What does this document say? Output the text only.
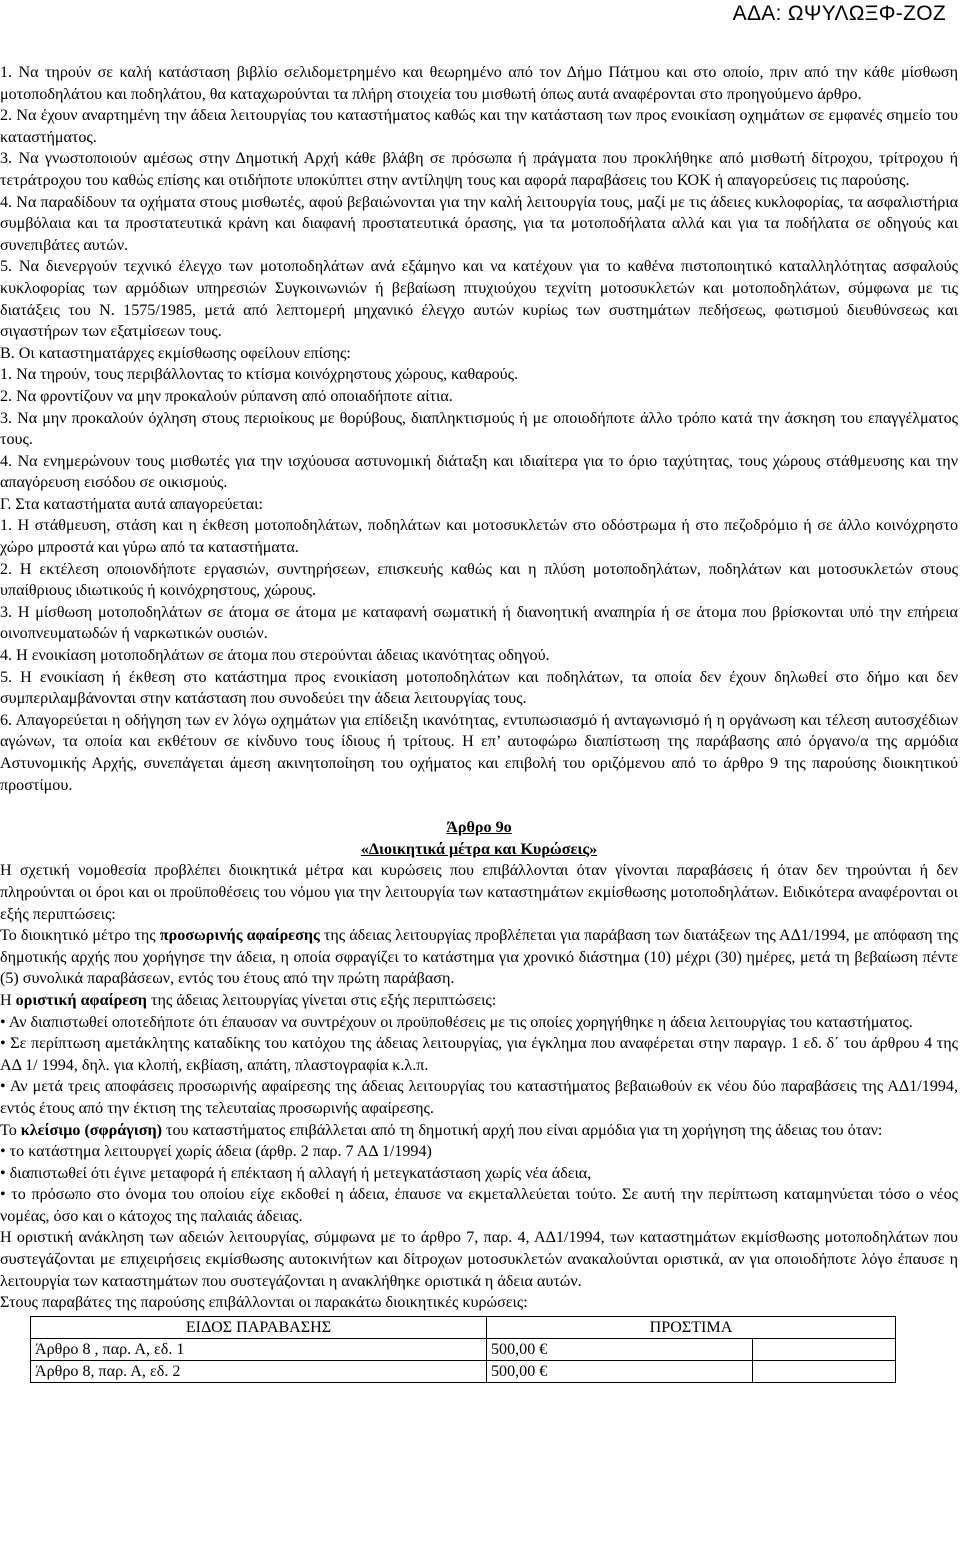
ΑΔΑ: ΩΨΥΛΩΞΦ-ΖΟΖ

1. Να τηρούν σε καλή κατάσταση βιβλίο σελιδομετρημένο και θεωρημένο από τον Δήμο Πάτμου και στο οποίο, πριν από την κάθε μίσθωση μοτοποδηλάτου και ποδηλάτου, θα καταχωρούνται τα πλήρη στοιχεία του μισθωτή όπως αυτά αναφέρονται στο προηγούμενο άρθρο.

2. Να έχουν αναρτημένη την άδεια λειτουργίας του καταστήματος καθώς και την κατάσταση των προς ενοικίαση οχημάτων σε εμφανές σημείο του καταστήματος.

3. Να γνωστοποιούν αμέσως στην Δημοτική Αρχή κάθε βλάβη σε πρόσωπα ή πράγματα που προκλήθηκε από μισθωτή δίτροχου, τρίτροχου ή τετράτροχου του καθώς επίσης και οτιδήποτε υποκύπτει στην αντίληψη τους και αφορά παραβάσεις του ΚΟΚ ή απαγορεύσεις τις παρούσης.

4. Να παραδίδουν τα οχήματα στους μισθωτές, αφού βεβαιώνονται για την καλή λειτουργία τους, μαζί με τις άδειες κυκλοφορίας, τα ασφαλιστήρια συμβόλαια και τα προστατευτικά κράνη και διαφανή προστατευτικά όρασης, για τα μοτοποδήλατα αλλά και για τα ποδήλατα σε οδηγούς και συνεπιβάτες αυτών.

5. Να διενεργούν τεχνικό έλεγχο των μοτοποδηλάτων ανά εξάμηνο και να κατέχουν για το καθένα πιστοποιητικό καταλληλότητας ασφαλούς κυκλοφορίας των αρμόδιων υπηρεσιών Συγκοινωνιών ή βεβαίωση πτυχιούχου τεχνίτη μοτοσυκλετών και μοτοποδηλάτων, σύμφωνα με τις διατάξεις του Ν. 1575/1985, μετά από λεπτομερή μηχανικό έλεγχο αυτών κυρίως των συστημάτων πεδήσεως, φωτισμού διευθύνσεως και σιγαστήρων των εξατμίσεων τους.

Β. Οι καταστηματάρχες εκμίσθωσης οφείλουν επίσης:

1. Να τηρούν, τους περιβάλλοντας το κτίσμα κοινόχρηστους χώρους, καθαρούς.

2. Να φροντίζουν να μην προκαλούν ρύπανση από οποιαδήποτε αίτια.

3. Να μην προκαλούν όχληση στους περιοίκους με θορύβους, διαπληκτισμούς ή με οποιοδήποτε άλλο τρόπο κατά την άσκηση του επαγγέλματος τους.

4. Να ενημερώνουν τους μισθωτές για την ισχύουσα αστυνομική διάταξη και ιδιαίτερα για το όριο ταχύτητας, τους χώρους στάθμευσης και την απαγόρευση εισόδου σε οικισμούς.

Γ. Στα καταστήματα αυτά απαγορεύεται:

1. Η στάθμευση, στάση και η έκθεση μοτοποδηλάτων, ποδηλάτων και μοτοσυκλετών στο οδόστρωμα ή στο πεζοδρόμιο ή σε άλλο κοινόχρηστο χώρο μπροστά και γύρω από τα καταστήματα.

2. Η εκτέλεση οποιονδήποτε εργασιών, συντηρήσεων, επισκευής καθώς και η πλύση μοτοποδηλάτων, ποδηλάτων και μοτοσυκλετών στους υπαίθριους ιδιωτικούς ή κοινόχρηστους, χώρους.

3. Η μίσθωση μοτοποδηλάτων σε άτομα σε άτομα με καταφανή σωματική ή διανοητική αναπηρία ή σε άτομα που βρίσκονται υπό την επήρεια οινοπνευματωδών ή ναρκωτικών ουσιών.

4. Η ενοικίαση μοτοποδηλάτων σε άτομα που στερούνται άδειας ικανότητας οδηγού.

5. Η ενοικίαση ή έκθεση στο κατάστημα προς ενοικίαση μοτοποδηλάτων και ποδηλάτων, τα οποία δεν έχουν δηλωθεί στο δήμο και δεν συμπεριλαμβάνονται στην κατάσταση που συνοδεύει την άδεια λειτουργίας τους.

6. Απαγορεύεται η οδήγηση των εν λόγω οχημάτων για επίδειξη ικανότητας, εντυπωσιασμό ή ανταγωνισμό ή η οργάνωση και τέλεση αυτοσχέδιων αγώνων, τα οποία και εκθέτουν σε κίνδυνο τους ίδιους ή τρίτους. Η επ’ αυτοφώρω διαπίστωση της παράβασης από όργανο/α της αρμόδια Αστυνομικής Αρχής, συνεπάγεται άμεση ακινητοποίηση του οχήματος και επιβολή του οριζόμενου από το άρθρο 9 της παρούσης διοικητικού προστίμου.

Άρθρο 9ο

«Διοικητικά μέτρα και Κυρώσεις»

Η σχετική νομοθεσία προβλέπει διοικητικά μέτρα και κυρώσεις που επιβάλλονται όταν γίνονται παραβάσεις ή όταν δεν τηρούνται ή δεν πληρούνται οι όροι και οι προϋποθέσεις του νόμου για την λειτουργία των καταστημάτων εκμίσθωσης μοτοποδηλάτων. Ειδικότερα αναφέρονται οι εξής περιπτώσεις:

Το διοικητικό μέτρο της προσωρινής αφαίρεσης της άδειας λειτουργίας προβλέπεται για παράβαση των διατάξεων της ΑΔ1/1994, με απόφαση της δημοτικής αρχής που χορήγησε την άδεια, η οποία σφραγίζει το κατάστημα για χρονικό διάστημα (10) μέχρι (30) ημέρες, μετά τη βεβαίωση πέντε (5) συνολικά παραβάσεων, εντός του έτους από την πρώτη παράβαση.

Η οριστική αφαίρεση της άδειας λειτουργίας γίνεται στις εξής περιπτώσεις:

• Αν διαπιστωθεί οποτεδήποτε ότι έπαυσαν να συντρέχουν οι προϋποθέσεις με τις οποίες χορηγήθηκε η άδεια λειτουργίας του καταστήματος.

• Σε περίπτωση αμετάκλητης καταδίκης του κατόχου της άδειας λειτουργίας, για έγκλημα που αναφέρεται στην παραγρ. 1 εδ. δ΄ του άρθρου 4 της ΑΔ 1/ 1994, δηλ. για κλοπή, εκβίαση, απάτη, πλαστογραφία κ.λ.π.

• Αν μετά τρεις αποφάσεις προσωρινής αφαίρεσης της άδειας λειτουργίας του καταστήματος βεβαιωθούν εκ νέου δύο παραβάσεις της ΑΔ1/1994, εντός έτους από την έκτιση της τελευταίας προσωρινής αφαίρεσης.

Το κλείσιμο (σφράγιση) του καταστήματος επιβάλλεται από τη δημοτική αρχή που είναι αρμόδια για τη χορήγηση της άδειας του όταν:

• το κατάστημα λειτουργεί χωρίς άδεια (άρθρ. 2 παρ. 7 ΑΔ 1/1994)

• διαπιστωθεί ότι έγινε μεταφορά ή επέκταση ή αλλαγή ή μετεγκατάσταση χωρίς νέα άδεια,

• το πρόσωπο στο όνομα του οποίου είχε εκδοθεί η άδεια, έπαυσε να εκμεταλλεύεται τούτο. Σε αυτή την περίπτωση καταμηνύεται τόσο ο νέος νομέας, όσο και ο κάτοχος της παλαιάς άδειας.

Η οριστική ανάκληση των αδειών λειτουργίας, σύμφωνα με το άρθρο 7, παρ. 4, ΑΔ1/1994, των καταστημάτων εκμίσθωσης μοτοποδηλάτων που συστεγάζονται με επιχειρήσεις εκμίσθωσης αυτοκινήτων και δίτροχων μοτοσυκλετών ανακαλούνται οριστικά, αν για οποιοδήποτε λόγο έπαυσε η λειτουργία των καταστημάτων που συστεγάζονται η ανακλήθηκε οριστικά η άδεια αυτών.

Στους παραβάτες της παρούσης επιβάλλονται οι παρακάτω διοικητικές κυρώσεις:

ΕΙΔΟΣ ΠΑΡΑΒΑΣΗΣ	ΠΡΟΣΤΙΜΑ	
Άρθρο 8 , παρ. Α, εδ. 1	500,00 €	
Άρθρο 8, παρ. Α, εδ. 2	500,00 €	
